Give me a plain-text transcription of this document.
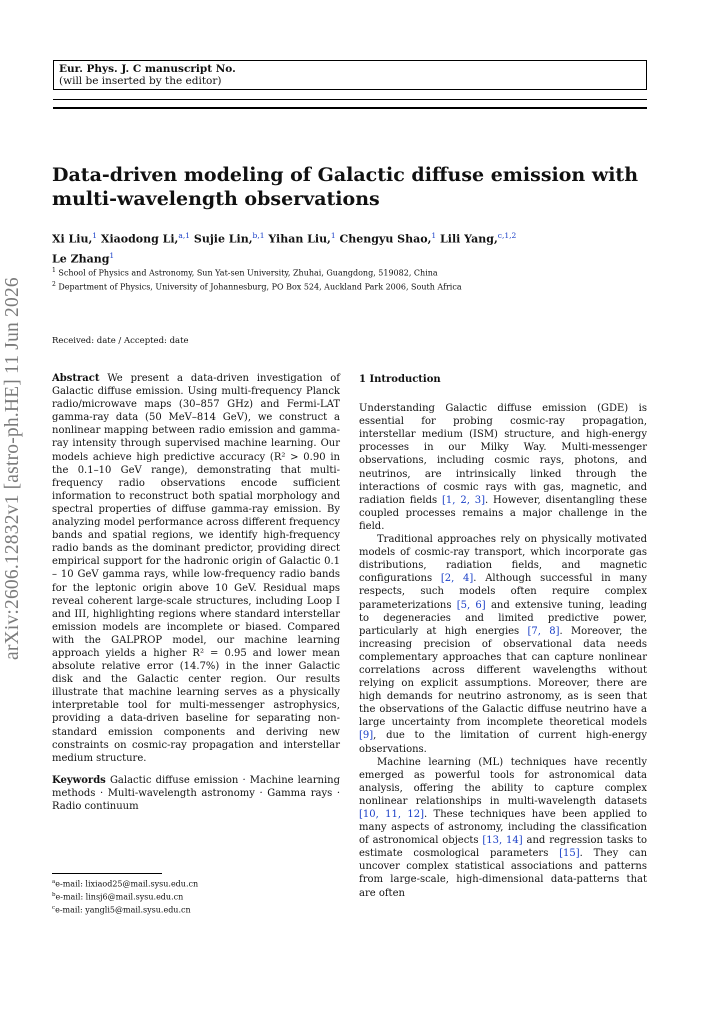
Eur. Phys. J. C manuscript No.
(will be inserted by the editor)
Data-driven modeling of Galactic diffuse emission with multi-wavelength observations
Xi Liu,$^1$ Xiaodong Li,$^{a,1}$ Sujie Lin,$^{b,1}$ Yihan Liu,$^1$ Chengyu Shao,$^1$ Lili Yang,$^{c,1,2}$ Le Zhang$^1$
$^1$ School of Physics and Astronomy, Sun Yat-sen University, Zhuhai, Guangdong, 519082, China
$^2$ Department of Physics, University of Johannesburg, PO Box 524, Auckland Park 2006, South Africa
Received: date / Accepted: date
arXiv:2606.12832v1 [astro-ph.HE] 11 Jun 2026	Abstract We present a data-driven investigation of Galactic diffuse emission. Using multi-frequency Planck radio/microwave maps (30–857 GHz) and Fermi-LAT gamma-ray data (50 MeV–814 GeV), we construct a nonlinear mapping between radio emission and gamma-ray intensity through supervised machine learning. Our models achieve high predictive accuracy (R² > 0.90 in the 0.1–10 GeV range), demonstrating that multi-frequency radio observations encode sufficient information to reconstruct both spatial morphology and spectral properties of diffuse gamma-ray emission. By analyzing model performance across different frequency bands and spatial regions, we identify high-frequency radio bands as the dominant predictor, providing direct empirical support for the hadronic origin of Galactic 0.1 – 10 GeV gamma rays, while low-frequency radio bands for the leptonic origin above 10 GeV. Residual maps reveal coherent large-scale structures, including Loop I and III, highlighting regions where standard interstellar emission models are incomplete or biased. Compared with the GALPROP model, our machine learning approach yields a higher R² = 0.95 and lower mean absolute relative error (14.7%) in the inner Galactic disk and the Galactic center region. Our results illustrate that machine learning serves as a physically interpretable tool for multi-messenger astrophysics, providing a data-driven baseline for separating non-standard emission components and deriving new constraints on cosmic-ray propagation and interstellar medium structure.

Keywords Galactic diffuse emission · Machine learning methods · Multi-wavelength astronomy · Gamma rays · Radio continuum

$^a$e-mail: lixiaod25@mail.sysu.edu.cn
$^b$e-mail: linsj6@mail.sysu.edu.cn
$^c$e-mail: yangli5@mail.sysu.edu.cn
1 Introduction

Understanding Galactic diffuse emission (GDE) is essential for probing cosmic-ray propagation, interstellar medium (ISM) structure, and high-energy processes in our Milky Way. Multi-messenger observations, including cosmic rays, photons, and neutrinos, are intrinsically linked through the interactions of cosmic rays with gas, magnetic, and radiation fields [1, 2, 3]. However, disentangling these coupled processes remains a major challenge in the field.

Traditional approaches rely on physically motivated models of cosmic-ray transport, which incorporate gas distributions, radiation fields, and magnetic configurations [2, 4]. Although successful in many respects, such models often require complex parameterizations [5, 6] and extensive tuning, leading to degeneracies and limited predictive power, particularly at high energies [7, 8]. Moreover, the increasing precision of observational data needs complementary approaches that can capture nonlinear correlations across different wavelengths without relying on explicit assumptions. Moreover, there are high demands for neutrino astronomy, as is seen that the observations of the Galactic diffuse neutrino have a large uncertainty from incomplete theoretical models [9], due to the limitation of current high-energy observations.

Machine learning (ML) techniques have recently emerged as powerful tools for astronomical data analysis, offering the ability to capture complex nonlinear relationships in multi-wavelength datasets [10, 11, 12]. These techniques have been applied to many aspects of astronomy, including the classification of astronomical objects [13, 14] and regression tasks to estimate cosmological parameters [15]. They can uncover complex statistical associations and patterns from large-scale, high-dimensional data-patterns that are often
